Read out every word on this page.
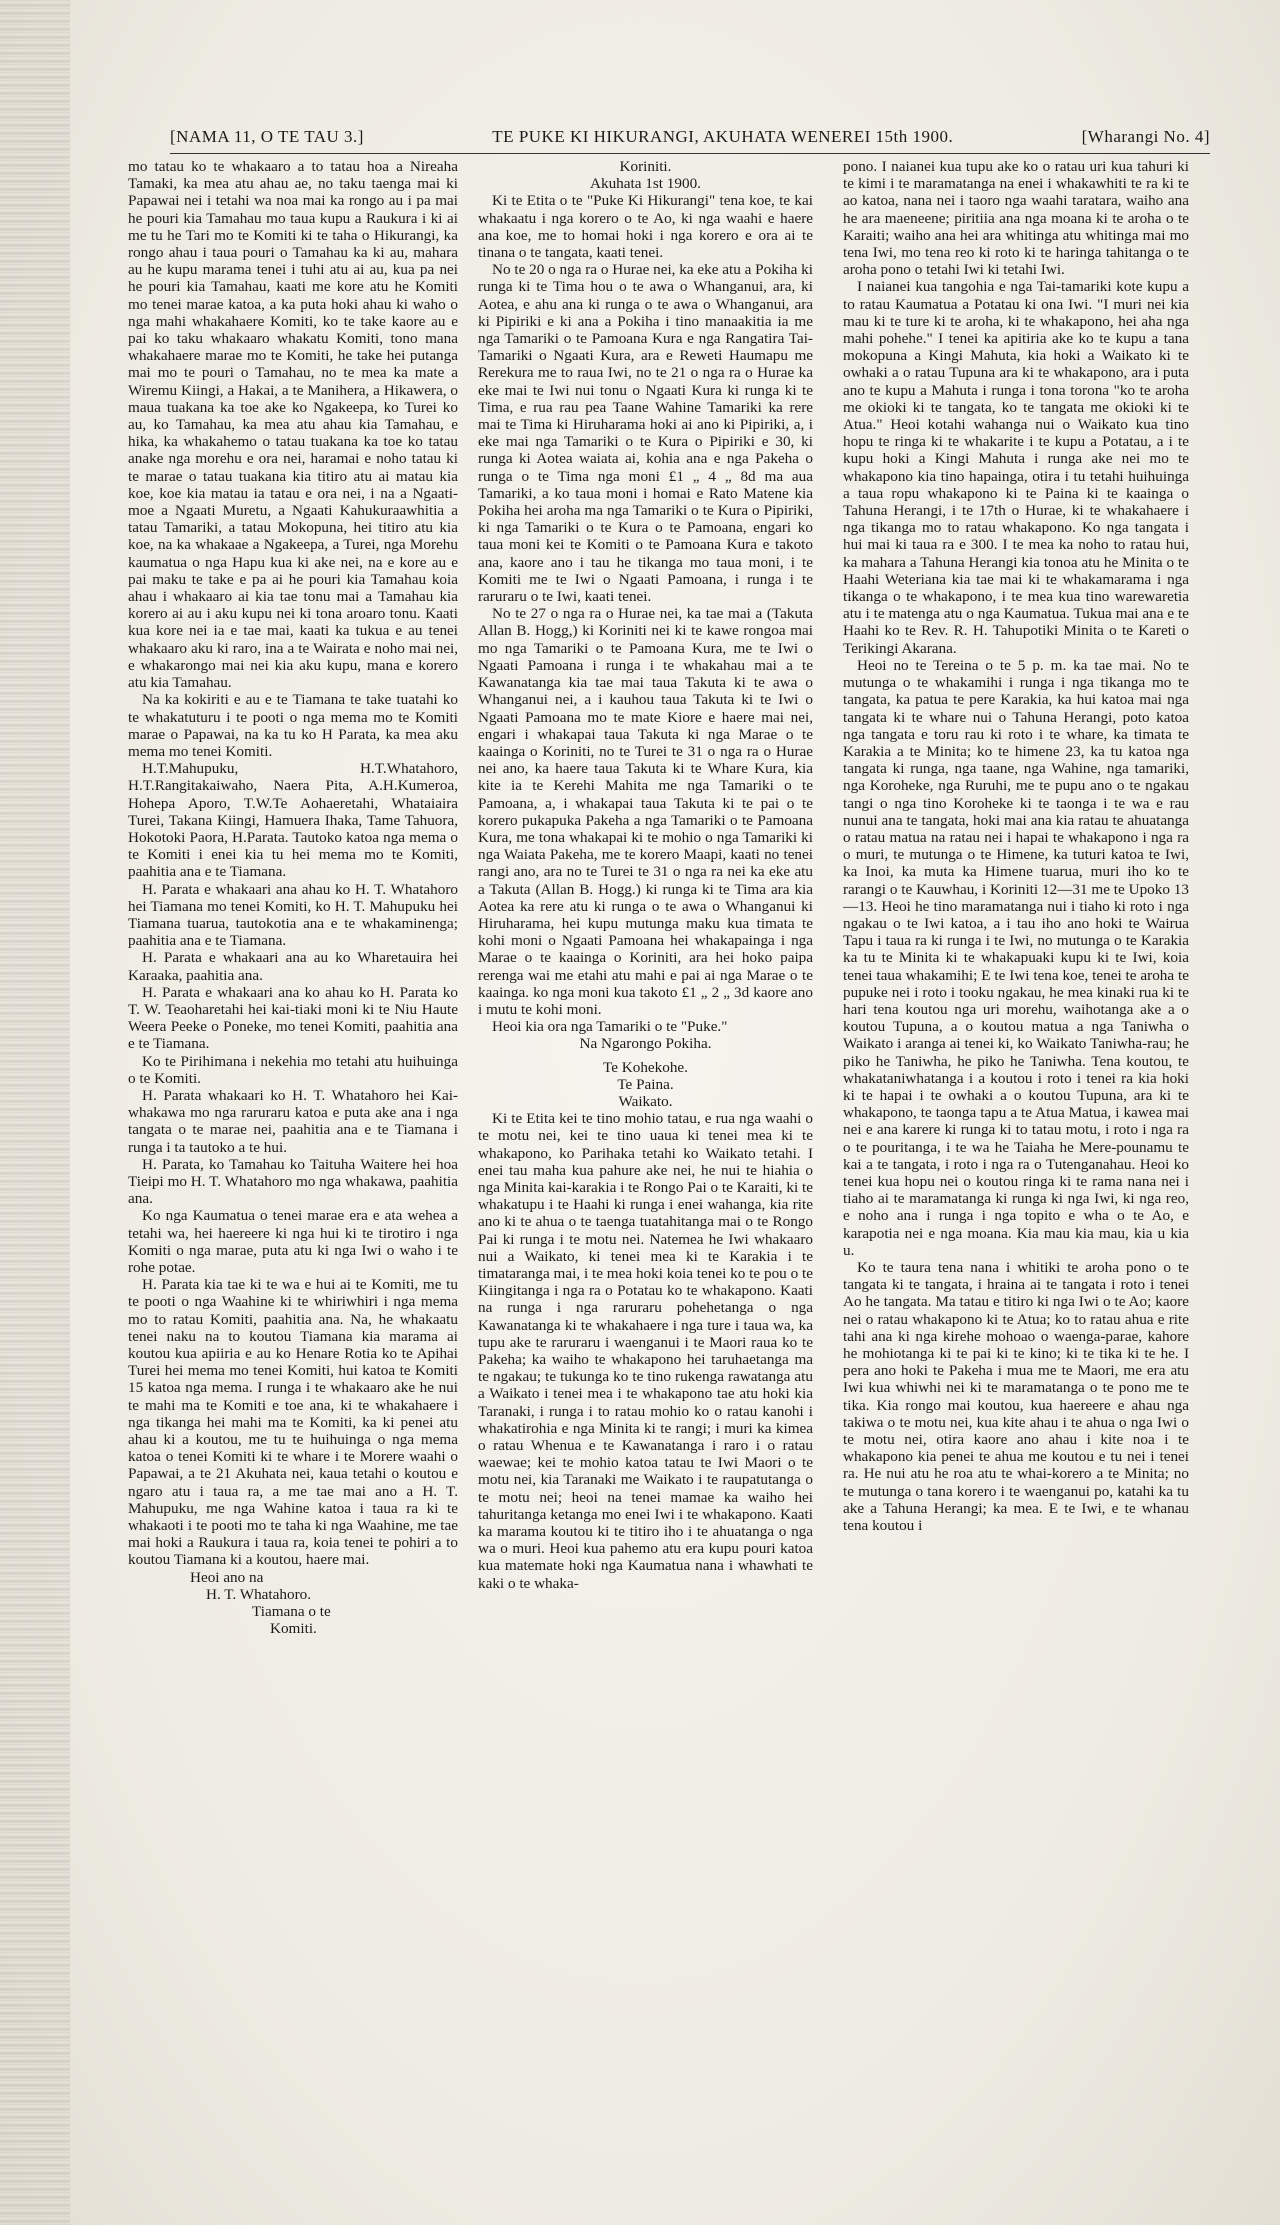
[NAMA 11, O TE TAU 3.]	TE PUKE KI HIKURANGI, AKUHATA WENEREI 15th 1900.	[Wharangi No. 4]

mo tatau ko te whakaaro a to tatau hoa a Nireaha Tamaki, ka mea atu ahau ae, no taku taenga mai ki Papawai nei i tetahi wa noa mai ka rongo au i pa mai he pouri kia Tamahau mo taua kupu a Raukura i ki ai me tu he Tari mo te Komiti ki te taha o Hikurangi, ka rongo ahau i taua pouri o Tamahau ka ki au, mahara au he kupu marama tenei i tuhi atu ai au, kua pa nei he pouri kia Tamahau, kaati me kore atu he Komiti mo tenei marae katoa, a ka puta hoki ahau ki waho o nga mahi whakahaere Komiti, ko te take kaore au e pai ko taku whakaaro whakatu Komiti, tono mana whakahaere marae mo te Komiti, he take hei putanga mai mo te pouri o Tamahau, no te mea ka mate a Wiremu Kiingi, a Hakai, a te Manihera, a Hikawera, o maua tuakana ka toe ake ko Ngakeepa, ko Turei ko au, ko Tamahau, ka mea atu ahau kia Tamahau, e hika, ka whakahemo o tatau tuakana ka toe ko tatau anake nga morehu e ora nei, haramai e noho tatau ki te marae o tatau tuakana kia titiro atu ai matau kia koe, koe kia matau ia tatau e ora nei, i na a Ngaati-moe a Ngaati Muretu, a Ngaati Kahukuraawhitia a tatau Tamariki, a tatau Mokopuna, hei titiro atu kia koe, na ka whakaae a Ngakeepa, a Turei, nga Morehu kaumatua o nga Hapu kua ki ake nei, na e kore au e pai maku te take e pa ai he pouri kia Tamahau koia ahau i whakaaro ai kia tae tonu mai a Tamahau kia korero ai au i aku kupu nei ki tona aroaro tonu. Kaati kua kore nei ia e tae mai, kaati ka tukua e au tenei whakaaro aku ki raro, ina a te Wairata e noho mai nei, e whakarongo mai nei kia aku kupu, mana e korero atu kia Tamahau.

Na ka kokiriti e au e te Tiamana te take tuatahi ko te whakatuturu i te pooti o nga mema mo te Komiti marae o Papawai, na ka tu ko H Parata, ka mea aku mema mo tenei Komiti.

H.T.Mahupuku, H.T.Whatahoro, H.T.Rangitakaiwaho, Naera Pita, A.H.Kumeroa, Hohepa Aporo, T.W.Te Aohaeretahi, Whataiaira Turei, Takana Kiingi, Hamuera Ihaka, Tame Tahuora, Hokotoki Paora, H.Parata. Tautoko katoa nga mema o te Komiti i enei kia tu hei mema mo te Komiti, paahitia ana e te Tiamana.

H. Parata e whakaari ana ahau ko H. T. Whatahoro hei Tiamana mo tenei Komiti, ko H. T. Mahupuku hei Tiamana tuarua, tautokotia ana e te whakaminenga; paahitia ana e te Tiamana.

H. Parata e whakaari ana au ko Wharetauira hei Karaaka, paahitia ana.

H. Parata e whakaari ana ko ahau ko H. Parata ko T. W. Teaoharetahi hei kai-tiaki moni ki te Niu Haute Weera Peeke o Poneke, mo tenei Komiti, paahitia ana e te Tiamana.

Ko te Pirihimana i nekehia mo tetahi atu huihuinga o te Komiti.

H. Parata whakaari ko H. T. Whatahoro hei Kai-whakawa mo nga raruraru katoa e puta ake ana i nga tangata o te marae nei, paahitia ana e te Tiamana i runga i ta tautoko a te hui.

H. Parata, ko Tamahau ko Taituha Waitere hei hoa Tieipi mo H. T. Whatahoro mo nga whakawa, paahitia ana.

Ko nga Kaumatua o tenei marae era e ata wehea a tetahi wa, hei haereere ki nga hui ki te tirotiro i nga Komiti o nga marae, puta atu ki nga Iwi o waho i te rohe potae.

H. Parata kia tae ki te wa e hui ai te Komiti, me tu te pooti o nga Waahine ki te whiriwhiri i nga mema mo to ratau Komiti, paahitia ana. Na, he whakaatu tenei naku na to koutou Tiamana kia marama ai koutou kua apiiria e au ko Henare Rotia ko te Apihai Turei hei mema mo tenei Komiti, hui katoa te Komiti 15 katoa nga mema. I runga i te whakaaro ake he nui te mahi ma te Komiti e toe ana, ki te whakahaere i nga tikanga hei mahi ma te Komiti, ka ki penei atu ahau ki a koutou, me tu te huihuinga o nga mema katoa o tenei Komiti ki te whare i te Morere waahi o Papawai, a te 21 Akuhata nei, kaua tetahi o koutou e ngaro atu i taua ra, a me tae mai ano a H. T. Mahupuku, me nga Wahine katoa i taua ra ki te whakaoti i te pooti mo te taha ki nga Waahine, me tae mai hoki a Raukura i taua ra, koia tenei te pohiri a to koutou Tiamana ki a koutou, haere mai.

Heoi ano na

H. T. Whatahoro.

Tiamana o te

Komiti.

Koriniti.

Akuhata 1st 1900.

Ki te Etita o te "Puke Ki Hikurangi" tena koe, te kai whakaatu i nga korero o te Ao, ki nga waahi e haere ana koe, me to homai hoki i nga korero e ora ai te tinana o te tangata, kaati tenei.

No te 20 o nga ra o Hurae nei, ka eke atu a Pokiha ki runga ki te Tima hou o te awa o Whanganui, ara, ki Aotea, e ahu ana ki runga o te awa o Whanganui, ara ki Pipiriki e ki ana a Pokiha i tino manaakitia ia me nga Tamariki o te Pamoana Kura e nga Rangatira Tai-Tamariki o Ngaati Kura, ara e Reweti Haumapu me Rerekura me to raua Iwi, no te 21 o nga ra o Hurae ka eke mai te Iwi nui tonu o Ngaati Kura ki runga ki te Tima, e rua rau pea Taane Wahine Tamariki ka rere mai te Tima ki Hiruharama hoki ai ano ki Pipiriki, a, i eke mai nga Tamariki o te Kura o Pipiriki e 30, ki runga ki Aotea waiata ai, kohia ana e nga Pakeha o runga o te Tima nga moni £1 „ 4 „ 8d ma aua Tamariki, a ko taua moni i homai e Rato Matene kia Pokiha hei aroha ma nga Tamariki o te Kura o Pipiriki, ki nga Tamariki o te Kura o te Pamoana, engari ko taua moni kei te Komiti o te Pamoana Kura e takoto ana, kaore ano i tau he tikanga mo taua moni, i te Komiti me te Iwi o Ngaati Pamoana, i runga i te raruraru o te Iwi, kaati tenei.

No te 27 o nga ra o Hurae nei, ka tae mai a (Takuta Allan B. Hogg,) ki Koriniti nei ki te kawe rongoa mai mo nga Tamariki o te Pamoana Kura, me te Iwi o Ngaati Pamoana i runga i te whakahau mai a te Kawanatanga kia tae mai taua Takuta ki te awa o Whanganui nei, a i kauhou taua Takuta ki te Iwi o Ngaati Pamoana mo te mate Kiore e haere mai nei, engari i whakapai taua Takuta ki nga Marae o te kaainga o Koriniti, no te Turei te 31 o nga ra o Hurae nei ano, ka haere taua Takuta ki te Whare Kura, kia kite ia te Kerehi Mahita me nga Tamariki o te Pamoana, a, i whakapai taua Takuta ki te pai o te korero pukapuka Pakeha a nga Tamariki o te Pamoana Kura, me tona whakapai ki te mohio o nga Tamariki ki nga Waiata Pakeha, me te korero Maapi, kaati no tenei rangi ano, ara no te Turei te 31 o nga ra nei ka eke atu a Takuta (Allan B. Hogg.) ki runga ki te Tima ara kia Aotea ka rere atu ki runga o te awa o Whanganui ki Hiruharama, hei kupu mutunga maku kua timata te kohi moni o Ngaati Pamoana hei whakapainga i nga Marae o te kaainga o Koriniti, ara hei hoko paipa rerenga wai me etahi atu mahi e pai ai nga Marae o te kaainga. ko nga moni kua takoto £1 „ 2 „ 3d kaore ano i mutu te kohi moni.

Heoi kia ora nga Tamariki o te "Puke."

Na Ngarongo Pokiha.

Te Kohekohe.

Te Paina.

Waikato.

Ki te Etita kei te tino mohio tatau, e rua nga waahi o te motu nei, kei te tino uaua ki tenei mea ki te whakapono, ko Parihaka tetahi ko Waikato tetahi. I enei tau maha kua pahure ake nei, he nui te hiahia o nga Minita kai-karakia i te Rongo Pai o te Karaiti, ki te whakatupu i te Haahi ki runga i enei wahanga, kia rite ano ki te ahua o te taenga tuatahitanga mai o te Rongo Pai ki runga i te motu nei. Natemea he Iwi whakaaro nui a Waikato, ki tenei mea ki te Karakia i te timataranga mai, i te mea hoki koia tenei ko te pou o te Kiingitanga i nga ra o Potatau ko te whakapono. Kaati na runga i nga raruraru pohehetanga o nga Kawanatanga ki te whakahaere i nga ture i taua wa, ka tupu ake te raruraru i waenganui i te Maori raua ko te Pakeha; ka waiho te whakapono hei taruhaetanga ma te ngakau; te tukunga ko te tino rukenga rawatanga atu a Waikato i tenei mea i te whakapono tae atu hoki kia Taranaki, i runga i to ratau mohio ko o ratau kanohi i whakatirohia e nga Minita ki te rangi; i muri ka kimea o ratau Whenua e te Kawanatanga i raro i o ratau waewae; kei te mohio katoa tatau te Iwi Maori o te motu nei, kia Taranaki me Waikato i te raupatutanga o te motu nei; heoi na tenei mamae ka waiho hei tahuritanga ketanga mo enei Iwi i te whakapono. Kaati ka marama koutou ki te titiro iho i te ahuatanga o nga wa o muri. Heoi kua pahemo atu era kupu pouri katoa kua matemate hoki nga Kaumatua nana i whawhati te kaki o te whaka-

pono. I naianei kua tupu ake ko o ratau uri kua tahuri ki te kimi i te maramatanga na enei i whakawhiti te ra ki te ao katoa, nana nei i taoro nga waahi taratara, waiho ana he ara maeneene; piritiia ana nga moana ki te aroha o te Karaiti; waiho ana hei ara whitinga atu whitinga mai mo tena Iwi, mo tena reo ki roto ki te haringa tahitanga o te aroha pono o tetahi Iwi ki tetahi Iwi.

I naianei kua tangohia e nga Tai-tamariki kote kupu a to ratau Kaumatua a Potatau ki ona Iwi. "I muri nei kia mau ki te ture ki te aroha, ki te whakapono, hei aha nga mahi pohehe." I tenei ka apitiria ake ko te kupu a tana mokopuna a Kingi Mahuta, kia hoki a Waikato ki te owhaki a o ratau Tupuna ara ki te whakapono, ara i puta ano te kupu a Mahuta i runga i tona torona "ko te aroha me okioki ki te tangata, ko te tangata me okioki ki te Atua." Heoi kotahi wahanga nui o Waikato kua tino hopu te ringa ki te whakarite i te kupu a Potatau, a i te kupu hoki a Kingi Mahuta i runga ake nei mo te whakapono kia tino hapainga, otira i tu tetahi huihuinga a taua ropu whakapono ki te Paina ki te kaainga o Tahuna Herangi, i te 17th o Hurae, ki te whakahaere i nga tikanga mo to ratau whakapono. Ko nga tangata i hui mai ki taua ra e 300. I te mea ka noho to ratau hui, ka mahara a Tahuna Herangi kia tonoa atu he Minita o te Haahi Weteriana kia tae mai ki te whakamarama i nga tikanga o te whakapono, i te mea kua tino warewaretia atu i te matenga atu o nga Kaumatua. Tukua mai ana e te Haahi ko te Rev. R. H. Tahupotiki Minita o te Kareti o Terikingi Akarana.

Heoi no te Tereina o te 5 p. m. ka tae mai. No te mutunga o te whakamihi i runga i nga tikanga mo te tangata, ka patua te pere Karakia, ka hui katoa mai nga tangata ki te whare nui o Tahuna Herangi, poto katoa nga tangata e toru rau ki roto i te whare, ka timata te Karakia a te Minita; ko te himene 23, ka tu katoa nga tangata ki runga, nga taane, nga Wahine, nga tamariki, nga Koroheke, nga Ruruhi, me te pupu ano o te ngakau tangi o nga tino Koroheke ki te taonga i te wa e rau nunui ana te tangata, hoki mai ana kia ratau te ahuatanga o ratau matua na ratau nei i hapai te whakapono i nga ra o muri, te mutunga o te Himene, ka tuturi katoa te Iwi, ka Inoi, ka muta ka Himene tuarua, muri iho ko te rarangi o te Kauwhau, i Koriniti 12—31 me te Upoko 13—13. Heoi he tino maramatanga nui i tiaho ki roto i nga ngakau o te Iwi katoa, a i tau iho ano hoki te Wairua Tapu i taua ra ki runga i te Iwi, no mutunga o te Karakia ka tu te Minita ki te whakapuaki kupu ki te Iwi, koia tenei taua whakamihi; E te Iwi tena koe, tenei te aroha te pupuke nei i roto i tooku ngakau, he mea kinaki rua ki te hari tena koutou nga uri morehu, waihotanga ake a o koutou Tupuna, a o koutou matua a nga Taniwha o Waikato i aranga ai tenei ki, ko Waikato Taniwha-rau; he piko he Taniwha, he piko he Taniwha. Tena koutou, te whakataniwhatanga i a koutou i roto i tenei ra kia hoki ki te hapai i te owhaki a o koutou Tupuna, ara ki te whakapono, te taonga tapu a te Atua Matua, i kawea mai nei e ana karere ki runga ki to tatau motu, i roto i nga ra o te pouritanga, i te wa he Taiaha he Mere-pounamu te kai a te tangata, i roto i nga ra o Tutenganahau. Heoi ko tenei kua hopu nei o koutou ringa ki te rama nana nei i tiaho ai te maramatanga ki runga ki nga Iwi, ki nga reo, e noho ana i runga i nga topito e wha o te Ao, e karapotia nei e nga moana. Kia mau kia mau, kia u kia u.

Ko te taura tena nana i whitiki te aroha pono o te tangata ki te tangata, i hraina ai te tangata i roto i tenei Ao he tangata. Ma tatau e titiro ki nga Iwi o te Ao; kaore nei o ratau whakapono ki te Atua; ko to ratau ahua e rite tahi ana ki nga kirehe mohoao o waenga-parae, kahore he mohiotanga ki te pai ki te kino; ki te tika ki te he. I pera ano hoki te Pakeha i mua me te Maori, me era atu Iwi kua whiwhi nei ki te maramatanga o te pono me te tika. Kia rongo mai koutou, kua haereere e ahau nga takiwa o te motu nei, kua kite ahau i te ahua o nga Iwi o te motu nei, otira kaore ano ahau i kite noa i te whakapono kia penei te ahua me koutou e tu nei i tenei ra. He nui atu he roa atu te whai-korero a te Minita; no te mutunga o tana korero i te waenganui po, katahi ka tu ake a Tahuna Herangi; ka mea. E te Iwi, e te whanau tena koutou i
